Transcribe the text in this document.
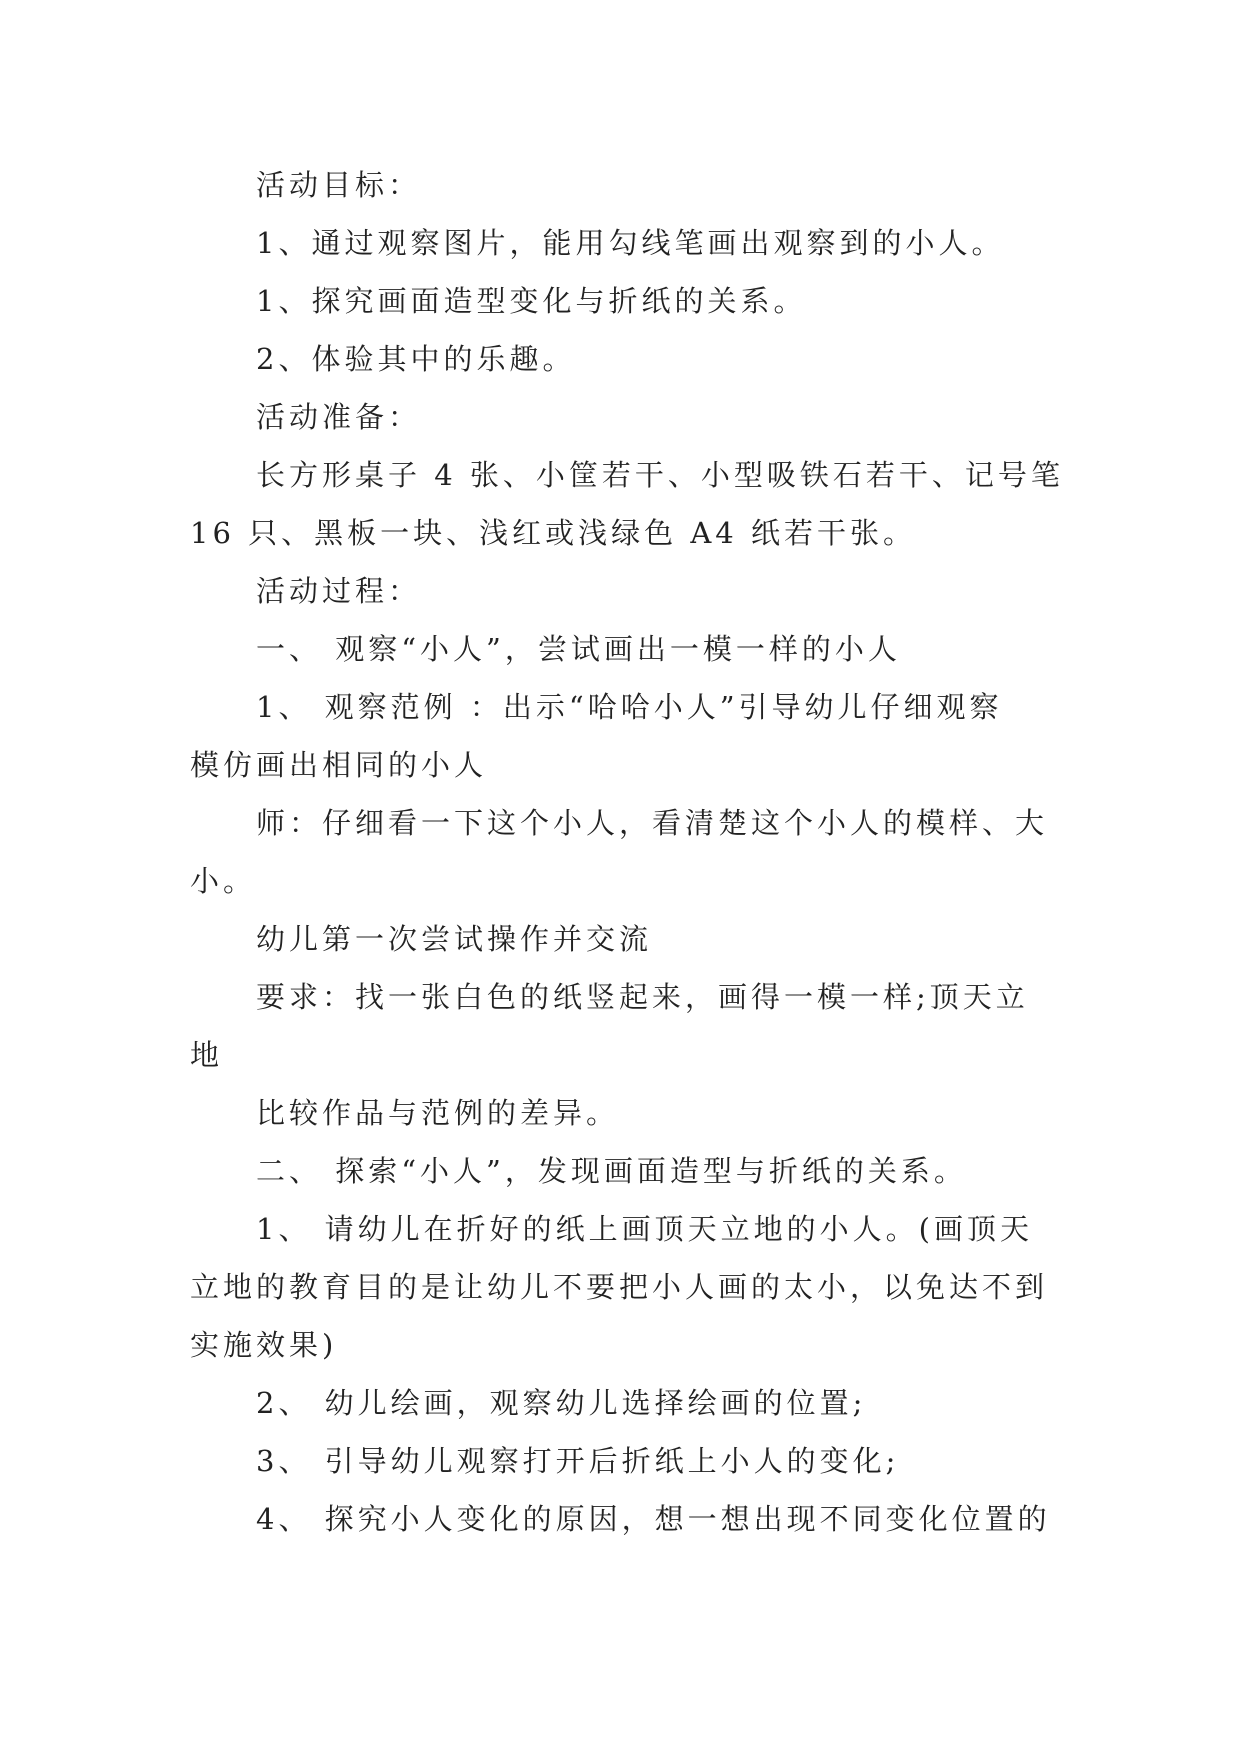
活动目标：
1、通过观察图片，能用勾线笔画出观察到的小人。
1、探究画面造型变化与折纸的关系。
2、体验其中的乐趣。
活动准备：
长方形桌子 4 张、小筐若干、小型吸铁石若干、记号笔
16 只、黑板一块、浅红或浅绿色 A4 纸若干张。
活动过程：
一、 观察“小人”，尝试画出一模一样的小人
1、 观察范例 ：出示“哈哈小人”引导幼儿仔细观察
模仿画出相同的小人
师：仔细看一下这个小人，看清楚这个小人的模样、大
小。
幼儿第一次尝试操作并交流
要求：找一张白色的纸竖起来，画得一模一样;顶天立
地
比较作品与范例的差异。
二、 探索“小人”，发现画面造型与折纸的关系。
1、 请幼儿在折好的纸上画顶天立地的小人。(画顶天
立地的教育目的是让幼儿不要把小人画的太小，以免达不到
实施效果)
2、 幼儿绘画，观察幼儿选择绘画的位置;
3、 引导幼儿观察打开后折纸上小人的变化;
4、 探究小人变化的原因，想一想出现不同变化位置的
